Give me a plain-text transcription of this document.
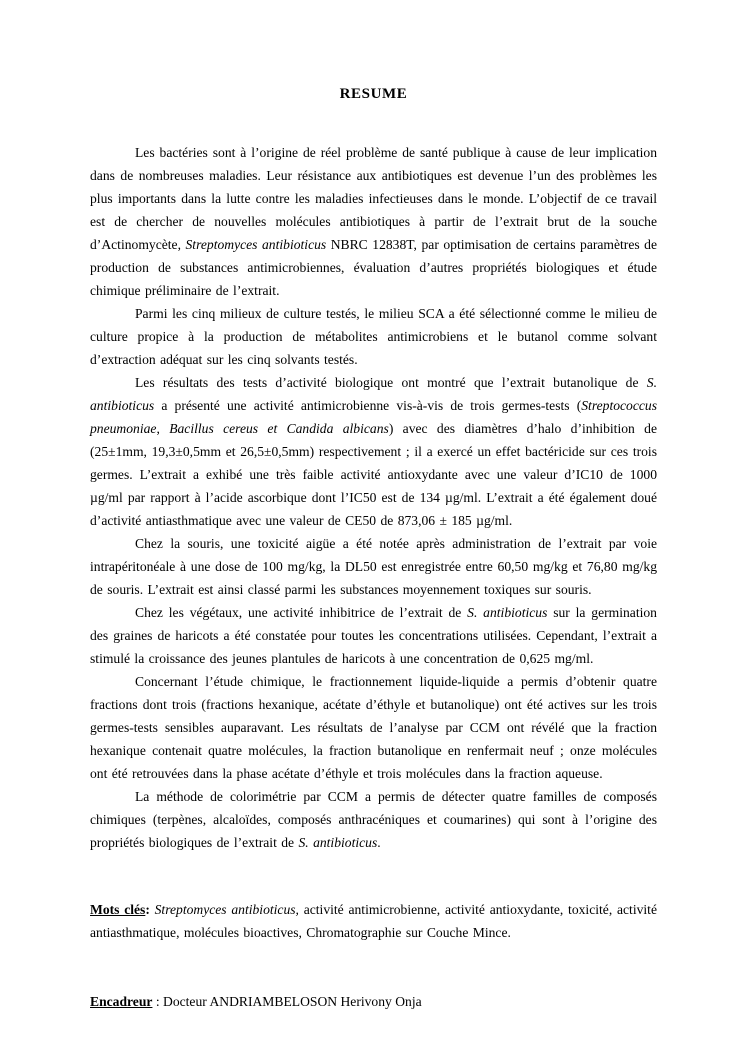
RESUME

Les bactéries sont à l’origine de réel problème de santé publique à cause de leur implication dans de nombreuses maladies. Leur résistance aux antibiotiques est devenue l’un des problèmes les plus importants dans la lutte contre les maladies infectieuses dans le monde. L’objectif de ce travail est de chercher de nouvelles molécules antibiotiques à partir de l’extrait brut de la souche d’Actinomycète, Streptomyces antibioticus NBRC 12838T, par optimisation de certains paramètres de production de substances antimicrobiennes, évaluation d’autres propriétés biologiques et étude chimique préliminaire de l’extrait.

Parmi les cinq milieux de culture testés, le milieu SCA a été sélectionné comme le milieu de culture propice à la production de métabolites antimicrobiens et le butanol comme solvant d’extraction adéquat sur les cinq solvants testés.

Les résultats des tests d’activité biologique ont montré que l’extrait butanolique de S. antibioticus a présenté une activité antimicrobienne vis-à-vis de trois germes-tests (Streptococcus pneumoniae, Bacillus cereus et Candida albicans) avec des diamètres d’halo d’inhibition de (25±1mm, 19,3±0,5mm et 26,5±0,5mm) respectivement ; il a exercé un effet bactéricide sur ces trois germes. L’extrait a exhibé une très faible activité antioxydante avec une valeur d’IC10 de 1000 µg/ml par rapport à l’acide ascorbique dont l’IC50 est de 134 µg/ml. L’extrait a été également doué d’activité antiasthmatique avec une valeur de CE50 de 873,06 ± 185 µg/ml.

Chez la souris, une toxicité aigüe a été notée après administration de l’extrait par voie intrapéritonéale à une dose de 100 mg/kg, la DL50 est enregistrée entre 60,50 mg/kg et 76,80 mg/kg de souris. L’extrait est ainsi classé parmi les substances moyennement toxiques sur souris.

Chez les végétaux, une activité inhibitrice de l’extrait de S. antibioticus sur la germination des graines de haricots a été constatée pour toutes les concentrations utilisées. Cependant, l’extrait a stimulé la croissance des jeunes plantules de haricots à une concentration de 0,625 mg/ml.

Concernant l’étude chimique, le fractionnement liquide-liquide a permis d’obtenir quatre fractions dont trois (fractions hexanique, acétate d’éthyle et butanolique) ont été actives sur les trois germes-tests sensibles auparavant. Les résultats de l’analyse par CCM ont révélé que la fraction hexanique contenait quatre molécules, la fraction butanolique en renfermait neuf ; onze molécules ont été retrouvées dans la phase acétate d’éthyle et trois molécules dans la fraction aqueuse.

La méthode de colorimétrie par CCM a permis de détecter quatre familles de composés chimiques (terpènes, alcaloïdes, composés anthracéniques et coumarines) qui sont à l’origine des propriétés biologiques de l’extrait de S. antibioticus.

Mots clés: Streptomyces antibioticus, activité antimicrobienne, activité antioxydante, toxicité, activité antiasthmatique, molécules bioactives, Chromatographie sur Couche Mince.

Encadreur : Docteur ANDRIAMBELOSON Herivony Onja
